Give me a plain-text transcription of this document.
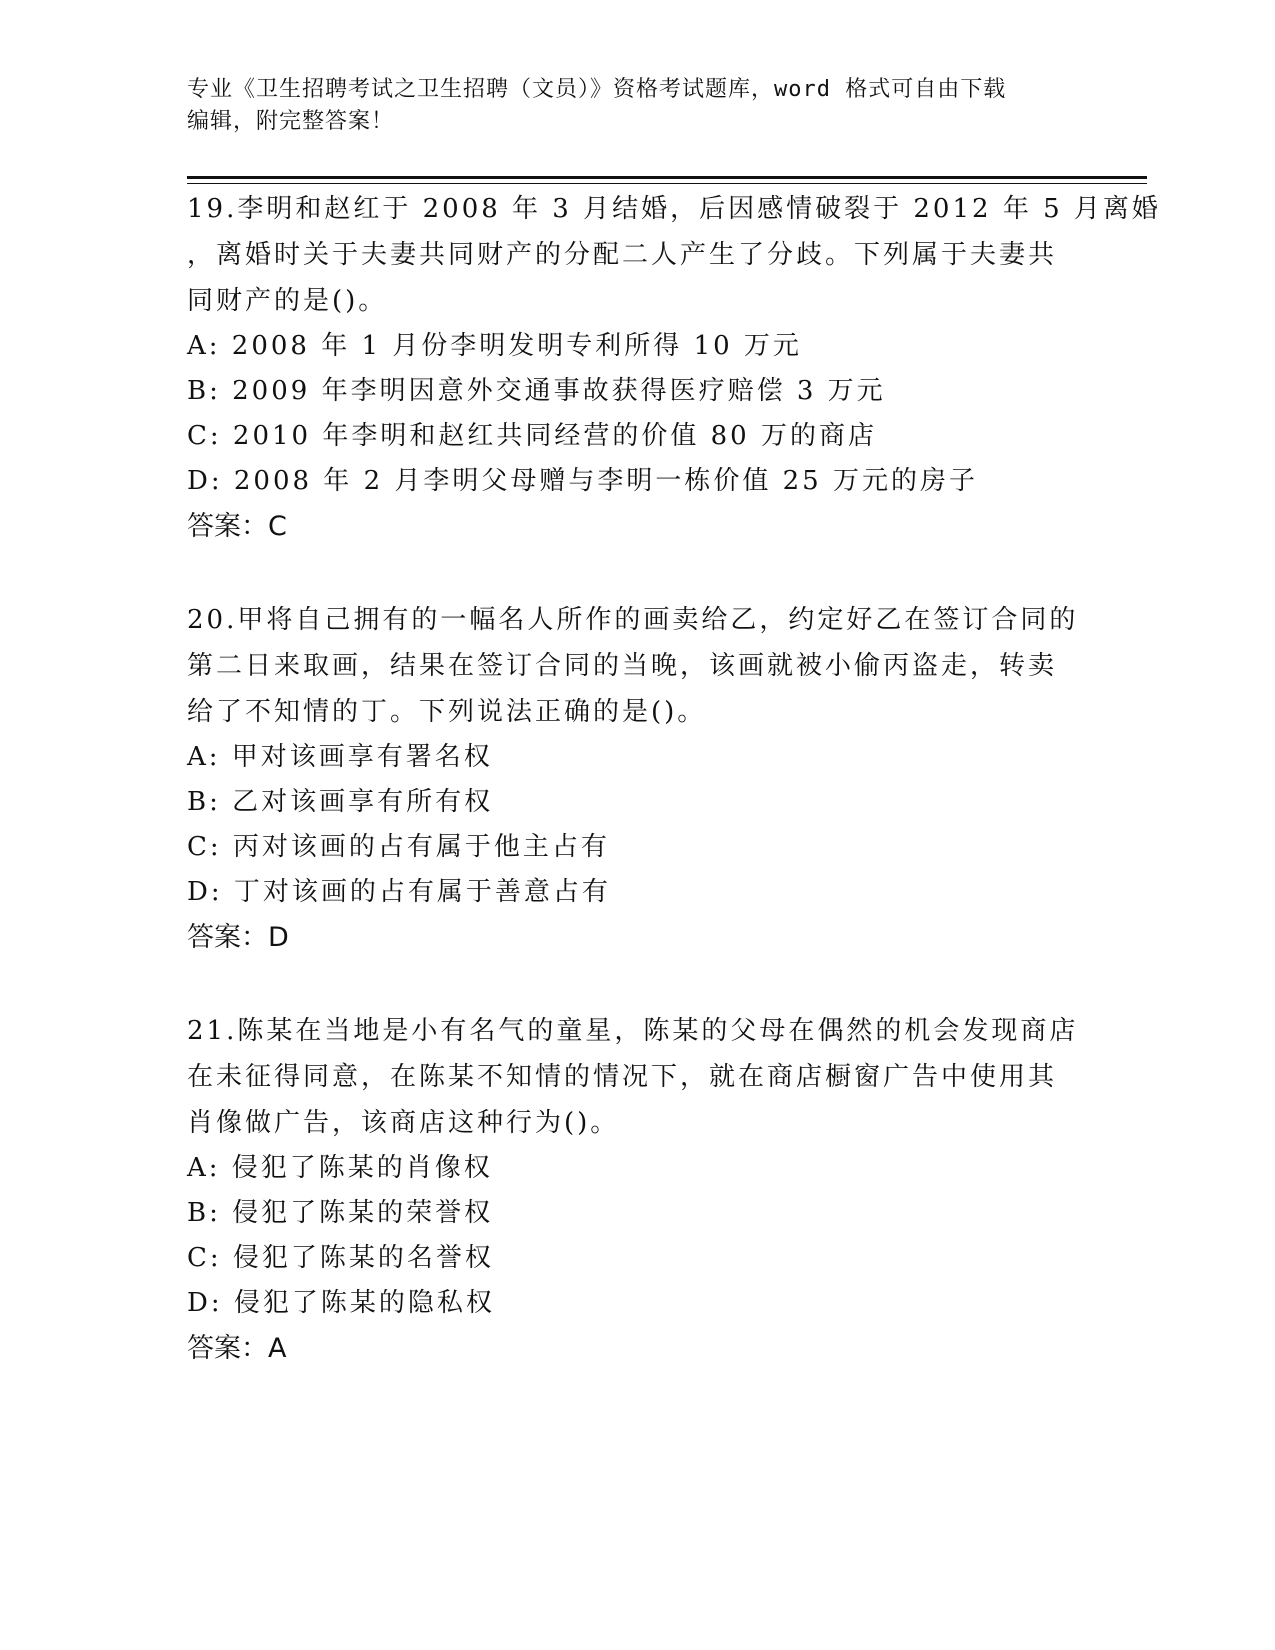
专业《卫生招聘考试之卫生招聘（文员）》资格考试题库，word 格式可自由下载
编辑，附完整答案！
19.李明和赵红于 2008 年 3 月结婚，后因感情破裂于 2012 年 5 月离婚
，离婚时关于夫妻共同财产的分配二人产生了分歧。下列属于夫妻共
同财产的是()。
A: 2008 年 1 月份李明发明专利所得 10 万元
B: 2009 年李明因意外交通事故获得医疗赔偿 3 万元
C: 2010 年李明和赵红共同经营的价值 80 万的商店
D: 2008 年 2 月李明父母赠与李明一栋价值 25 万元的房子
答案：C
20.甲将自己拥有的一幅名人所作的画卖给乙，约定好乙在签订合同的
第二日来取画，结果在签订合同的当晚，该画就被小偷丙盗走，转卖
给了不知情的丁。下列说法正确的是()。
A: 甲对该画享有署名权
B: 乙对该画享有所有权
C: 丙对该画的占有属于他主占有
D: 丁对该画的占有属于善意占有
答案：D
21.陈某在当地是小有名气的童星，陈某的父母在偶然的机会发现商店
在未征得同意，在陈某不知情的情况下，就在商店橱窗广告中使用其
肖像做广告，该商店这种行为()。
A: 侵犯了陈某的肖像权
B: 侵犯了陈某的荣誉权
C: 侵犯了陈某的名誉权
D: 侵犯了陈某的隐私权
答案：A
